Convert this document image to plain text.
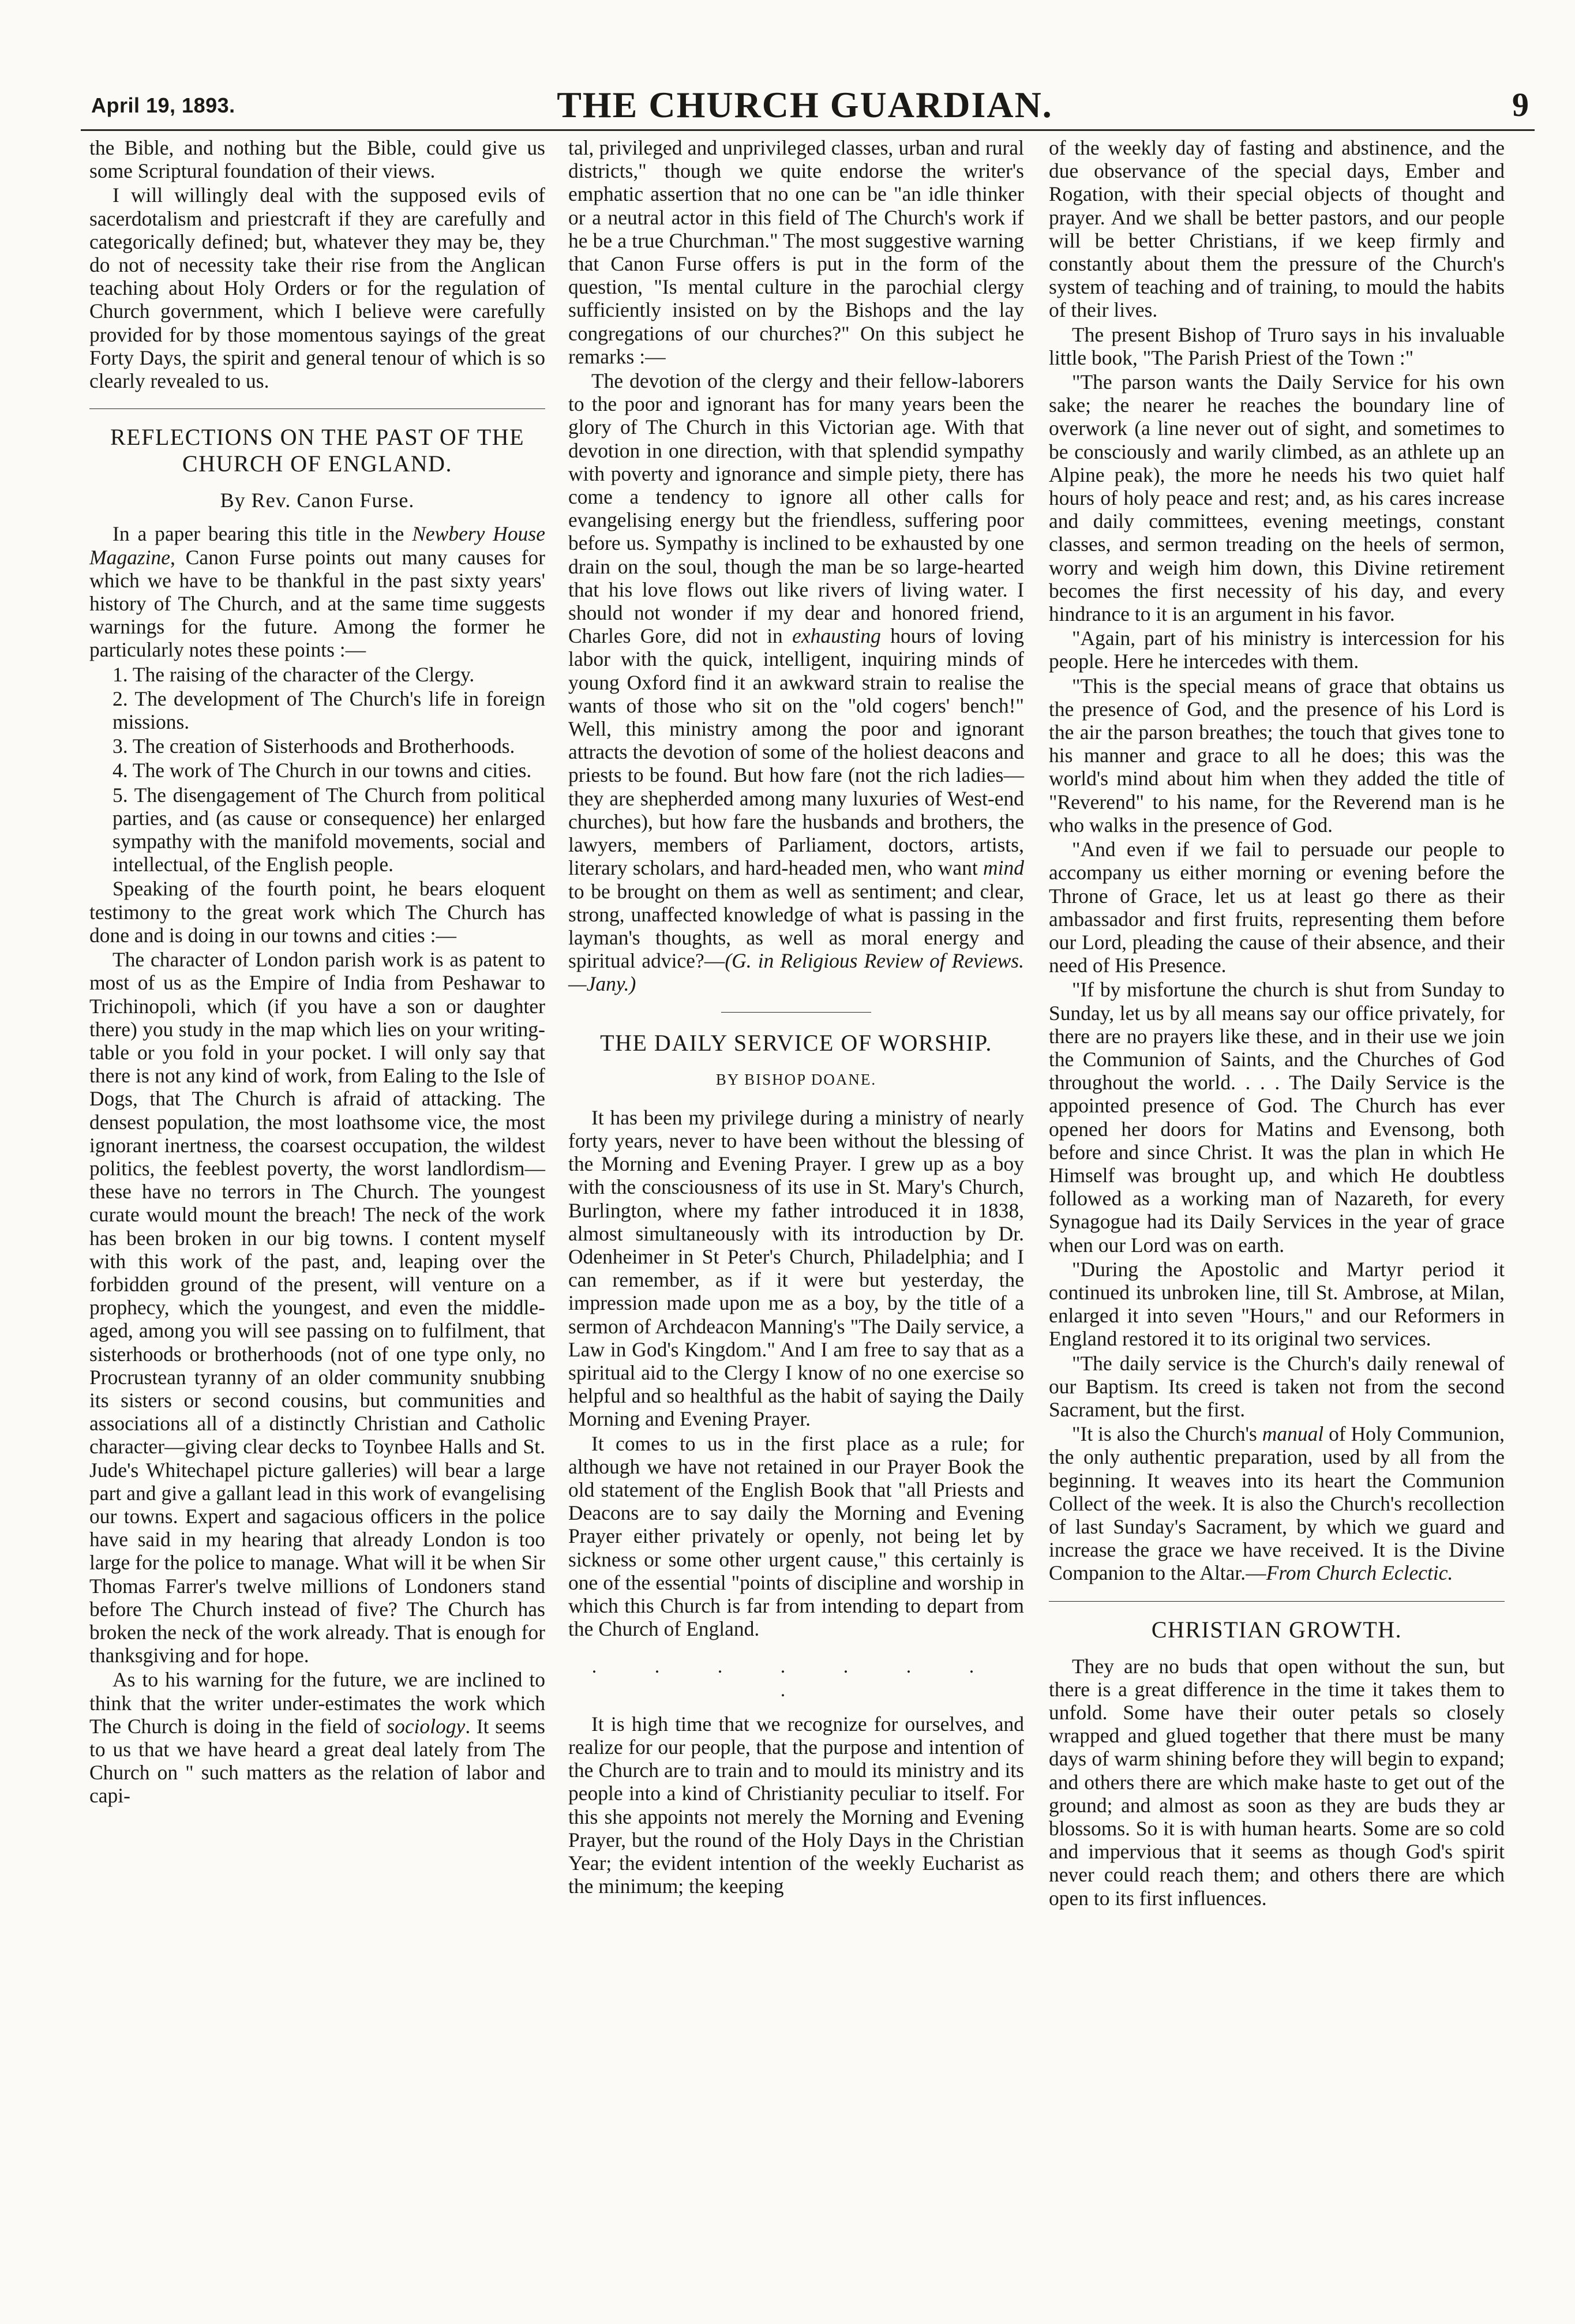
April 19, 1893.	THE CHURCH GUARDIAN.	9

the Bible, and nothing but the Bible, could give us some Scriptural foundation of their views.

I will willingly deal with the supposed evils of sacerdotalism and priestcraft if they are carefully and categorically defined; but, whatever they may be, they do not of necessity take their rise from the Anglican teaching about Holy Orders or for the regulation of Church government, which I believe were carefully provided for by those momentous sayings of the great Forty Days, the spirit and general tenour of which is so clearly revealed to us.

REFLECTIONS ON THE PAST OF THE CHURCH OF ENGLAND.
By Rev. Canon Furse.

In a paper bearing this title in the Newbery House Magazine, Canon Furse points out many causes for which we have to be thankful in the past sixty years' history of The Church, and at the same time suggests warnings for the future. Among the former he particularly notes these points :—

1. The raising of the character of the Clergy.

2. The development of The Church's life in foreign missions.

3. The creation of Sisterhoods and Brotherhoods.

4. The work of The Church in our towns and cities.

5. The disengagement of The Church from political parties, and (as cause or consequence) her enlarged sympathy with the manifold movements, social and intellectual, of the English people.

Speaking of the fourth point, he bears eloquent testimony to the great work which The Church has done and is doing in our towns and cities :—

The character of London parish work is as patent to most of us as the Empire of India from Peshawar to Trichinopoli, which (if you have a son or daughter there) you study in the map which lies on your writing-table or you fold in your pocket. I will only say that there is not any kind of work, from Ealing to the Isle of Dogs, that The Church is afraid of attacking. The densest population, the most loathsome vice, the most ignorant inertness, the coarsest occupation, the wildest politics, the feeblest poverty, the worst landlordism—these have no terrors in The Church. The youngest curate would mount the breach! The neck of the work has been broken in our big towns. I content myself with this work of the past, and, leaping over the forbidden ground of the present, will venture on a prophecy, which the youngest, and even the middle-aged, among you will see passing on to fulfilment, that sisterhoods or brotherhoods (not of one type only, no Procrustean tyranny of an older community snubbing its sisters or second cousins, but communities and associations all of a distinctly Christian and Catholic character—giving clear decks to Toynbee Halls and St. Jude's Whitechapel picture galleries) will bear a large part and give a gallant lead in this work of evangelising our towns. Expert and sagacious officers in the police have said in my hearing that already London is too large for the police to manage. What will it be when Sir Thomas Farrer's twelve millions of Londoners stand before The Church instead of five? The Church has broken the neck of the work already. That is enough for thanksgiving and for hope.

As to his warning for the future, we are inclined to think that the writer under-estimates the work which The Church is doing in the field of sociology. It seems to us that we have heard a great deal lately from The Church on " such matters as the relation of labor and capi-

tal, privileged and unprivileged classes, urban and rural districts," though we quite endorse the writer's emphatic assertion that no one can be "an idle thinker or a neutral actor in this field of The Church's work if he be a true Churchman." The most suggestive warning that Canon Furse offers is put in the form of the question, "Is mental culture in the parochial clergy sufficiently insisted on by the Bishops and the lay congregations of our churches?" On this subject he remarks :—

The devotion of the clergy and their fellow-laborers to the poor and ignorant has for many years been the glory of The Church in this Victorian age. With that devotion in one direction, with that splendid sympathy with poverty and ignorance and simple piety, there has come a tendency to ignore all other calls for evangelising energy but the friendless, suffering poor before us. Sympathy is inclined to be exhausted by one drain on the soul, though the man be so large-hearted that his love flows out like rivers of living water. I should not wonder if my dear and honored friend, Charles Gore, did not in exhausting hours of loving labor with the quick, intelligent, inquiring minds of young Oxford find it an awkward strain to realise the wants of those who sit on the "old cogers' bench!" Well, this ministry among the poor and ignorant attracts the devotion of some of the holiest deacons and priests to be found. But how fare (not the rich ladies—they are shepherded among many luxuries of West-end churches), but how fare the husbands and brothers, the lawyers, members of Parliament, doctors, artists, literary scholars, and hard-headed men, who want mind to be brought on them as well as sentiment; and clear, strong, unaffected knowledge of what is passing in the layman's thoughts, as well as moral energy and spiritual advice?—(G. in Religious Review of Reviews.—Jany.)

THE DAILY SERVICE OF WORSHIP.
BY BISHOP DOANE.

It has been my privilege during a ministry of nearly forty years, never to have been without the blessing of the Morning and Evening Prayer. I grew up as a boy with the consciousness of its use in St. Mary's Church, Burlington, where my father introduced it in 1838, almost simultaneously with its introduction by Dr. Odenheimer in St Peter's Church, Philadelphia; and I can remember, as if it were but yesterday, the impression made upon me as a boy, by the title of a sermon of Archdeacon Manning's "The Daily service, a Law in God's Kingdom." And I am free to say that as a spiritual aid to the Clergy I know of no one exercise so helpful and so healthful as the habit of saying the Daily Morning and Evening Prayer.

It comes to us in the first place as a rule; for although we have not retained in our Prayer Book the old statement of the English Book that "all Priests and Deacons are to say daily the Morning and Evening Prayer either privately or openly, not being let by sickness or some other urgent cause," this certainly is one of the essential "points of discipline and worship in which this Church is far from intending to depart from the Church of England.

. . . . . . . .

It is high time that we recognize for ourselves, and realize for our people, that the purpose and intention of the Church are to train and to mould its ministry and its people into a kind of Christianity peculiar to itself. For this she appoints not merely the Morning and Evening Prayer, but the round of the Holy Days in the Christian Year; the evident intention of the weekly Eucharist as the minimum; the keeping

of the weekly day of fasting and abstinence, and the due observance of the special days, Ember and Rogation, with their special objects of thought and prayer. And we shall be better pastors, and our people will be better Christians, if we keep firmly and constantly about them the pressure of the Church's system of teaching and of training, to mould the habits of their lives.

The present Bishop of Truro says in his invaluable little book, "The Parish Priest of the Town :"

"The parson wants the Daily Service for his own sake; the nearer he reaches the boundary line of overwork (a line never out of sight, and sometimes to be consciously and warily climbed, as an athlete up an Alpine peak), the more he needs his two quiet half hours of holy peace and rest; and, as his cares increase and daily committees, evening meetings, constant classes, and sermon treading on the heels of sermon, worry and weigh him down, this Divine retirement becomes the first necessity of his day, and every hindrance to it is an argument in his favor.

"Again, part of his ministry is intercession for his people. Here he intercedes with them.

"This is the special means of grace that obtains us the presence of God, and the presence of his Lord is the air the parson breathes; the touch that gives tone to his manner and grace to all he does; this was the world's mind about him when they added the title of "Reverend" to his name, for the Reverend man is he who walks in the presence of God.

"And even if we fail to persuade our people to accompany us either morning or evening before the Throne of Grace, let us at least go there as their ambassador and first fruits, representing them before our Lord, pleading the cause of their absence, and their need of His Presence.

"If by misfortune the church is shut from Sunday to Sunday, let us by all means say our office privately, for there are no prayers like these, and in their use we join the Communion of Saints, and the Churches of God throughout the world. . . . The Daily Service is the appointed presence of God. The Church has ever opened her doors for Matins and Evensong, both before and since Christ. It was the plan in which He Himself was brought up, and which He doubtless followed as a working man of Nazareth, for every Synagogue had its Daily Services in the year of grace when our Lord was on earth.

"During the Apostolic and Martyr period it continued its unbroken line, till St. Ambrose, at Milan, enlarged it into seven "Hours," and our Reformers in England restored it to its original two services.

"The daily service is the Church's daily renewal of our Baptism. Its creed is taken not from the second Sacrament, but the first.

"It is also the Church's manual of Holy Communion, the only authentic preparation, used by all from the beginning. It weaves into its heart the Communion Collect of the week. It is also the Church's recollection of last Sunday's Sacrament, by which we guard and increase the grace we have received. It is the Divine Companion to the Altar.—From Church Eclectic.

CHRISTIAN GROWTH.

They are no buds that open without the sun, but there is a great difference in the time it takes them to unfold. Some have their outer petals so closely wrapped and glued together that there must be many days of warm shining before they will begin to expand; and others there are which make haste to get out of the ground; and almost as soon as they are buds they ar blossoms. So it is with human hearts. Some are so cold and impervious that it seems as though God's spirit never could reach them; and others there are which open to its first influences.
